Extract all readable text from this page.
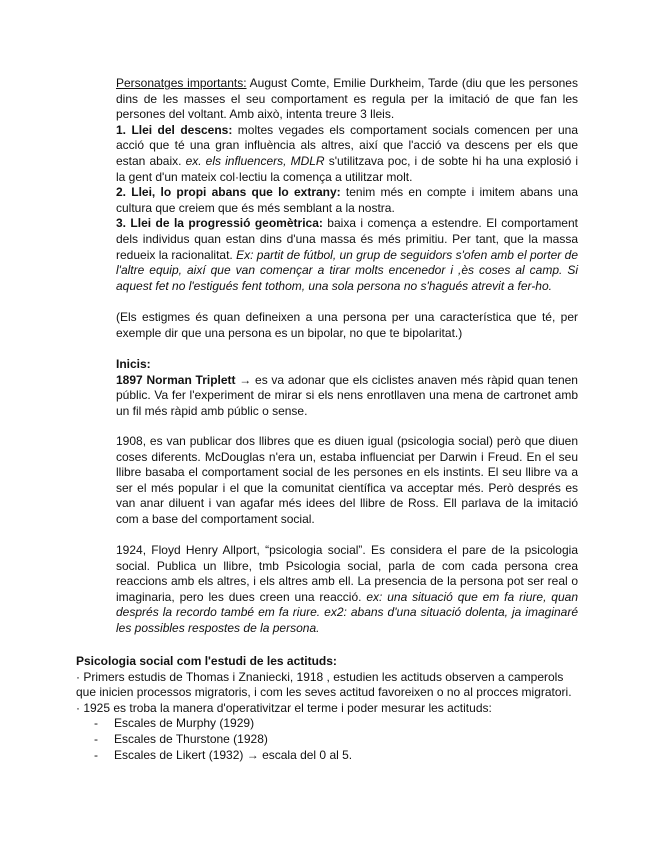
Personatges importants: August Comte, Emilie Durkheim, Tarde (diu que les persones dins de les masses el seu comportament es regula per la imitació de que fan les persones del voltant. Amb això, intenta treure 3 lleis.

1. Llei del descens: moltes vegades els comportament socials comencen per una acció que té una gran influència als altres, així que l'acció va descens per els que estan abaix. ex. els influencers, MDLR s'utilitzava poc, i de sobte hi ha una explosió i la gent d'un mateix col·lectiu la comença a utilitzar molt.

2. Llei, lo propi abans que lo extrany: tenim més en compte i imitem abans una cultura que creiem que és més semblant a la nostra.

3. Llei de la progressió geomètrica: baixa i comença a estendre. El comportament dels individus quan estan dins d'una massa és més primitiu. Per tant, que la massa redueix la racionalitat. Ex: partit de fútbol, un grup de seguidors s'ofen amb el porter de l'altre equip, així que van començar a tirar molts encenedor i ,ès coses al camp. Si aquest fet no l'estigués fent tothom, una sola persona no s'hagués atrevit a fer-ho.

(Els estigmes és quan defineixen a una persona per una característica que té, per exemple dir que una persona es un bipolar, no que te bipolaritat.)

Inicis:

1897 Norman Triplett → es va adonar que els ciclistes anaven més ràpid quan tenen públic. Va fer l'experiment de mirar si els nens enrotllaven una mena de cartronet amb un fil més ràpid amb públic o sense.

1908, es van publicar dos llibres que es diuen igual (psicologia social) però que diuen coses diferents. McDouglas n'era un, estaba influenciat per Darwin i Freud. En el seu llibre basaba el comportament social de les persones en els instints. El seu llibre va a ser el més popular i el que la comunitat científica va acceptar més. Però després es van anar diluent i van agafar més idees del llibre de Ross. Ell parlava de la imitació com a base del comportament social.

1924, Floyd Henry Allport, “psicologia social”. Es considera el pare de la psicologia social. Publica un llibre, tmb Psicologia social, parla de com cada persona crea reaccions amb els altres, i els altres amb ell. La presencia de la persona pot ser real o imaginaria, pero les dues creen una reacció. ex: una situació que em fa riure, quan després la recordo també em fa riure. ex2: abans d'una situació dolenta, ja imaginaré les possibles respostes de la persona.

Psicologia social com l'estudi de les actituds:

· Primers estudis de Thomas i Znaniecki, 1918 , estudien les actituds observen a camperols que inicien processos migratoris, i com les seves actitud favoreixen o no al procces migratori.

· 1925 es troba la manera d'operativitzar el terme i poder mesurar les actituds:

- Escales de Murphy (1929)
- Escales de Thurstone (1928)
- Escales de Likert (1932) → escala del 0 al 5.
